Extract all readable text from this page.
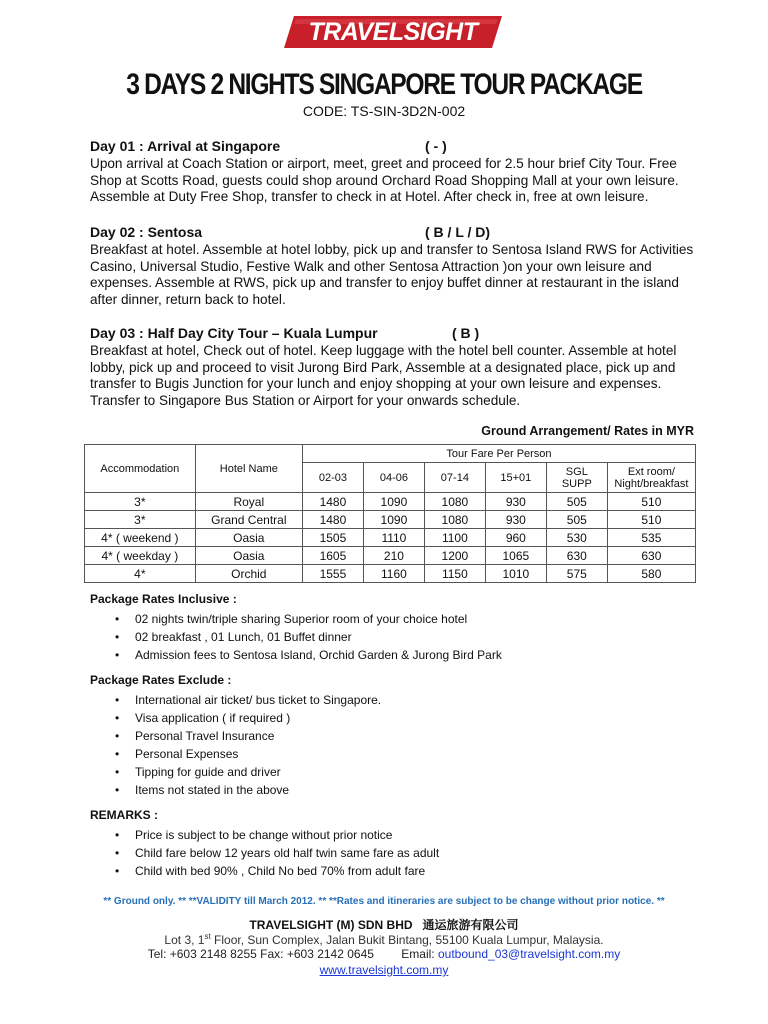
TRAVELSIGHT
3 DAYS 2 NIGHTS SINGAPORE TOUR PACKAGE
CODE: TS-SIN-3D2N-002
Day 01 : Arrival at Singapore	( - )
Upon arrival at Coach Station or airport, meet, greet and proceed for 2.5 hour brief City Tour. Free Shop at Scotts Road, guests could shop around Orchard Road Shopping Mall at your own leisure. Assemble at Duty Free Shop, transfer to check in at Hotel. After check in, free at own leisure.
Day 02 : Sentosa	( B / L / D)
Breakfast at hotel. Assemble at hotel lobby, pick up and transfer to Sentosa Island RWS for Activities Casino, Universal Studio, Festive Walk and other Sentosa Attraction )on your own leisure and expenses. Assemble at RWS, pick up and transfer to enjoy buffet dinner at restaurant in the island after dinner, return back to hotel.
Day 03 : Half Day City Tour – Kuala Lumpur	( B )
Breakfast at hotel, Check out of hotel. Keep luggage with the hotel bell counter. Assemble at hotel lobby, pick up and proceed to visit Jurong Bird Park, Assemble at a designated place, pick up and transfer to Bugis Junction for your lunch and enjoy shopping at your own leisure and expenses. Transfer to Singapore Bus Station or Airport for your onwards schedule.
Ground Arrangement/ Rates in MYR
Accommodation	Hotel Name	Tour Fare Per Person					
		02-03	04-06	07-14	15+01	SGL SUPP	Ext room/ Night/breakfast
3*	Royal	1480	1090	1080	930	505	510
3*	Grand Central	1480	1090	1080	930	505	510
4* ( weekend )	Oasia	1505	1110	1100	960	530	535
4* ( weekday )	Oasia	1605	210	1200	1065	630	630
4*	Orchid	1555	1160	1150	1010	575	580
Package Rates Inclusive :
• 02 nights twin/triple sharing Superior room of your choice hotel
• 02 breakfast , 01 Lunch, 01 Buffet dinner
• Admission fees to Sentosa Island, Orchid Garden & Jurong Bird Park
Package Rates Exclude :
• International air ticket/ bus ticket to Singapore.
• Visa application ( if required )
• Personal Travel Insurance
• Personal Expenses
• Tipping for guide and driver
• Items not stated in the above
REMARKS :
• Price is subject to be change without prior notice
• Child fare below 12 years old half twin same fare as adult
• Child with bed 90% , Child No bed 70% from adult fare
** Ground only. ** **VALIDITY till March 2012. ** **Rates and itineraries are subject to be change without prior notice. **
TRAVELSIGHT (M) SDN BHD 通运旅游有限公司
Lot 3, 1st Floor, Sun Complex, Jalan Bukit Bintang, 55100 Kuala Lumpur, Malaysia.
Tel: +603 2148 8255 Fax: +603 2142 0645 Email: outbound_03@travelsight.com.my
www.travelsight.com.my
